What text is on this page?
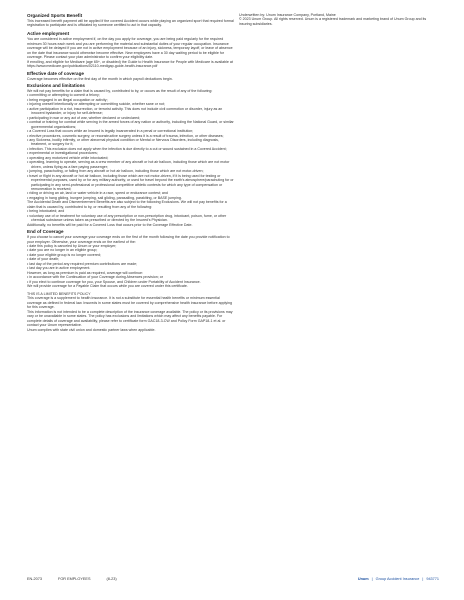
Organized Sports Benefit

This increased benefit payment will be applied if the covered Accident occurs while playing an organized sport that required formal registration to participate and is officiated by someone certified to act in that capacity.

Active employment

You are considered in active employment if, on the day you apply for coverage, you are being paid regularly for the required minimum 30 hours each week and you are performing the material and substantial duties of your regular occupation. Insurance coverage will be delayed if you are not in active employment because of an injury, sickness, temporary layoff, or leave of absence on the date that insurance would otherwise become effective. New employees have a 30 day waiting period to be eligible for coverage. Please contact your plan administrator to confirm your eligibility date.

If enrolling, and eligible for Medicare (age 65+, or disabled) the Guide to Health Insurance for People with Medicare is available at https://www.medicare.gov/publications/02110-medigap-guide-health-insurance.pdf

Effective date of coverage

Coverage becomes effective on the first day of the month in which payroll deductions begin.

Exclusions and limitations

We will not pay benefits for a claim that is caused by, contributed to by, or occurs as the result of any of the following:

• committing or attempting to commit a felony;
• being engaged in an illegal occupation or activity;
• injuring oneself intentionally or attempting or committing suicide, whether sane or not;
• active participation in a riot, insurrection, or terrorist activity. This does not include civil commotion or disorder, injury as an innocent bystander, or injury for self-defense;
• participating in war or any act of war, whether declared or undeclared;
• combat or training for combat while serving in the armed forces of any nation or authority, including the National Guard, or similar governmental organizations;
• a Covered Loss that occurs while an Insured is legally incarcerated in a penal or correctional institution;
• elective procedures, cosmetic surgery, or reconstructive surgery unless it is a result of trauma, infection, or other diseases;
• any Sickness, bodily infirmity, or other abnormal physical condition or Mental or Nervous Disorders, including diagnosis, treatment, or surgery for it;
• infection. This exclusion does not apply when the infection is due directly to a cut or wound sustained in a Covered Accident;
• experimental or investigational procedures;
• operating any motorized vehicle while intoxicated;
• operating, learning to operate, serving as a crew member of any aircraft or hot air balloon, including those which are not motor driven, unless flying as a fare paying passenger;
• jumping, parachuting, or falling from any aircraft or hot air balloon, including those which are not motor-driven;
• travel or flight in any aircraft or hot air balloon, including those which are not motor-driven, if it is being used for testing or experimental purposes, used by or for any military authority, or used for travel beyond the earth's atmosphere/parachuting for or participating in any semi-professional or professional competitive athletic contests for which any type of compensation or remuneration is received;
• riding or driving an air, land or water vehicle in a race, speed or endurance contest; and
• engaging in hang gliding, bungee jumping, sail gliding, parasailing, parakiting, or BASE jumping.

The Accidental Death and Dismemberment Benefits are also subject to the following Exclusions. We will not pay benefits for a claim that is caused by, contributed to by, or resulting from any of the following:

• being intoxicated; and
• voluntary use of or treatment for voluntary use of any prescription or non-prescription drug, intoxicant, poison, fume, or other chemical substance unless taken as prescribed or directed by the Insured's Physician.

Additionally, no benefits will be paid for a Covered Loss that occurs prior to the Coverage Effective Date.

End of Coverage

If you choose to cancel your coverage your coverage ends on the first of the month following the date you provide notification to your employer. Otherwise, your coverage ends on the earliest of the:

• date this policy is canceled by Unum or your employer;
• date you are no longer in an eligible group;
• date your eligible group is no longer covered;
• date of your death;
• last day of the period any required premium contributions are made;
• last day you are in active employment.
However, as long as premium is paid as required, coverage will continue:
• in accordance with the Continuation of your Coverage during Absences provision; or
• if you elect to continue coverage for you, your Spouse, and Children under Portability of Accident Insurance.
We will provide coverage for a Payable Claim that occurs while you are covered under this certificate.

THIS IS A LIMITED BENEFITS POLICY

This coverage is a supplement to health insurance. It is not a substitute for essential health benefits or minimum essential coverage as defined in federal law. Insureds in some states must be covered by comprehensive health insurance before applying for this coverage.

This information is not intended to be a complete description of the insurance coverage available. The policy or its provisions may vary or be unavailable in some states. The policy has exclusions and limitations which may affect any benefits payable. For complete details of coverage and availability, please refer to certificate form GAC18-3-CW and Policy Form GAP18-1 et al. or contact your Unum representative.

Unum complies with state civil union and domestic partner laws when applicable.

Underwritten by: Unum Insurance Company, Portland, Maine

© 2023 Unum Group. All rights reserved. Unum is a registered trademark and marketing brand of Unum Group and its insuring subsidiaries.

EN-2073	FOR EMPLOYEES	(8-23)	Unum | Group Accident Insurance | 943771
